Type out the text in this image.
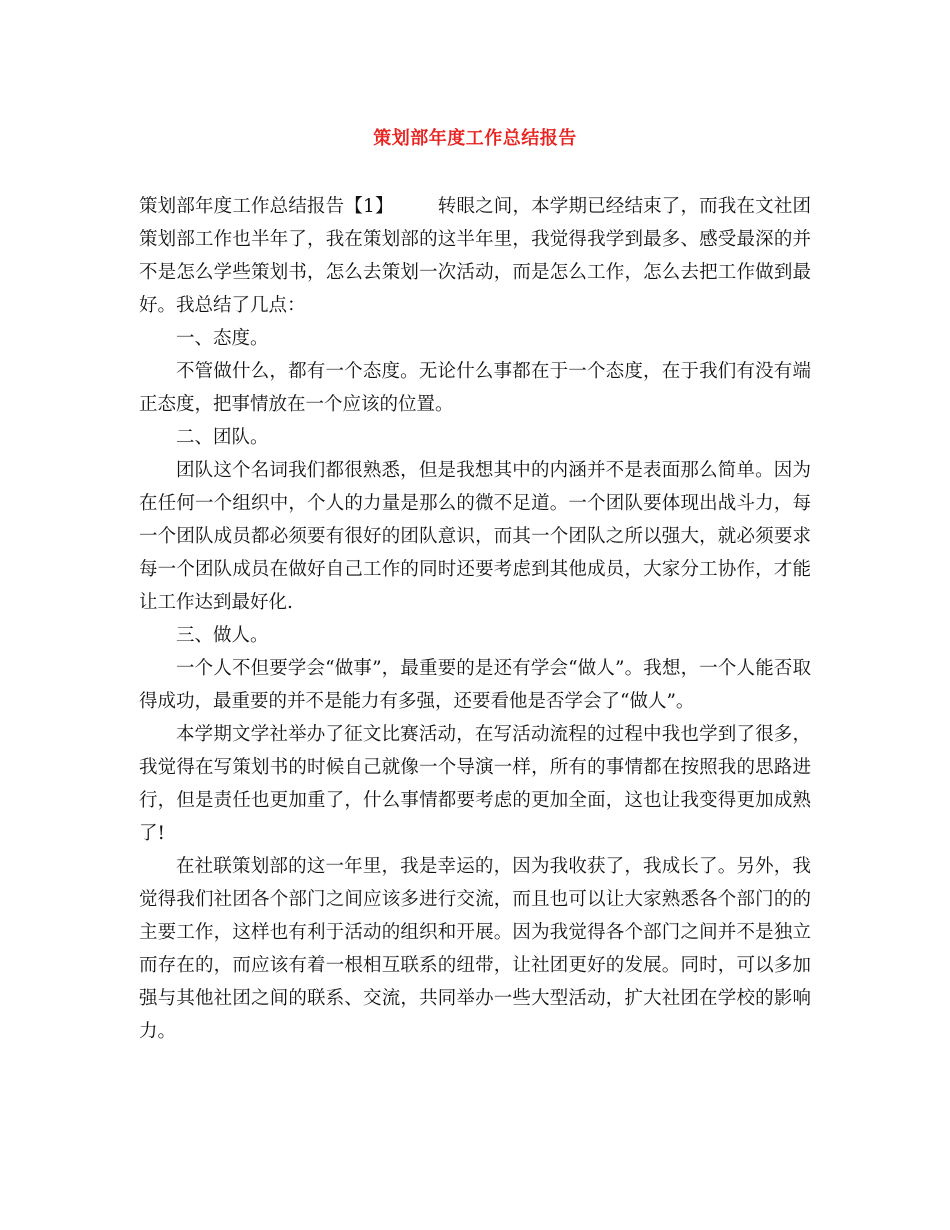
策划部年度工作总结报告

策划部年度工作总结报告【1】 转眼之间，本学期已经结束了，而我在文社团策划部工作也半年了，我在策划部的这半年里，我觉得我学到最多、感受最深的并不是怎么学些策划书，怎么去策划一次活动，而是怎么工作，怎么去把工作做到最好。我总结了几点：

一、态度。

不管做什么，都有一个态度。无论什么事都在于一个态度，在于我们有没有端正态度，把事情放在一个应该的位置。

二、团队。

团队这个名词我们都很熟悉，但是我想其中的内涵并不是表面那么简单。因为在任何一个组织中，个人的力量是那么的微不足道。一个团队要体现出战斗力，每一个团队成员都必须要有很好的团队意识，而其一个团队之所以强大，就必须要求每一个团队成员在做好自己工作的同时还要考虑到其他成员，大家分工协作，才能让工作达到最好化.

三、做人。

一个人不但要学会“做事”，最重要的是还有学会“做人”。我想，一个人能否取得成功，最重要的并不是能力有多强，还要看他是否学会了“做人”。

本学期文学社举办了征文比赛活动，在写活动流程的过程中我也学到了很多，我觉得在写策划书的时候自己就像一个导演一样，所有的事情都在按照我的思路进行，但是责任也更加重了，什么事情都要考虑的更加全面，这也让我变得更加成熟了!

在社联策划部的这一年里，我是幸运的，因为我收获了，我成长了。另外，我觉得我们社团各个部门之间应该多进行交流，而且也可以让大家熟悉各个部门的的主要工作，这样也有利于活动的组织和开展。因为我觉得各个部门之间并不是独立而存在的，而应该有着一根相互联系的纽带，让社团更好的发展。同时，可以多加强与其他社团之间的联系、交流，共同举办一些大型活动，扩大社团在学校的影响力。
